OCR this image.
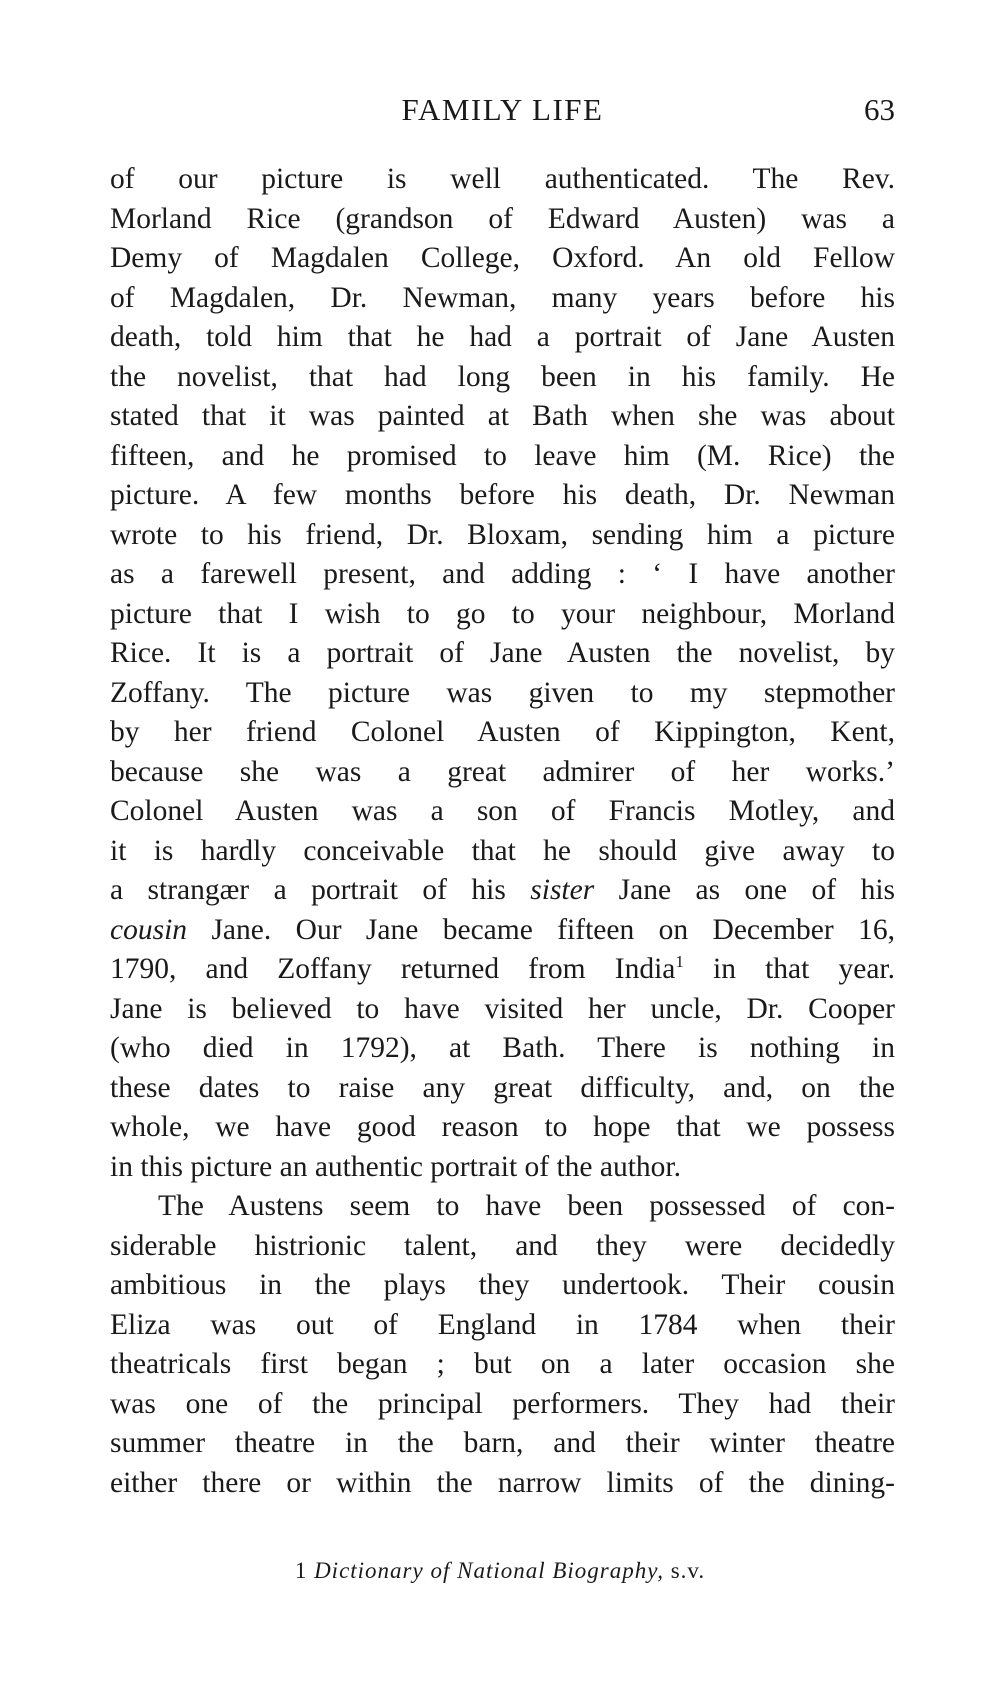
FAMILY LIFE	63
of our picture is well authenticated. The Rev.
Morland Rice (grandson of Edward Austen) was a
Demy of Magdalen College, Oxford. An old Fellow
of Magdalen, Dr. Newman, many years before his
death, told him that he had a portrait of Jane Austen
the novelist, that had long been in his family. He
stated that it was painted at Bath when she was about
fifteen, and he promised to leave him (M. Rice) the
picture. A few months before his death, Dr. Newman
wrote to his friend, Dr. Bloxam, sending him a picture
as a farewell present, and adding : ‘ I have another
picture that I wish to go to your neighbour, Morland
Rice. It is a portrait of Jane Austen the novelist, by
Zoffany. The picture was given to my stepmother
by her friend Colonel Austen of Kippington, Kent,
because she was a great admirer of her works.’
Colonel Austen was a son of Francis Motley, and
it is hardly conceivable that he should give away to
a strangær a portrait of his sister Jane as one of his
cousin Jane. Our Jane became fifteen on December 16,
1790, and Zoffany returned from India$^1$ in that year.
Jane is believed to have visited her uncle, Dr. Cooper
(who died in 1792), at Bath. There is nothing in
these dates to raise any great difficulty, and, on the
whole, we have good reason to hope that we possess
in this picture an authentic portrait of the author.
The Austens seem to have been possessed of con-
siderable histrionic talent, and they were decidedly
ambitious in the plays they undertook. Their cousin
Eliza was out of England in 1784 when their
theatricals first began ; but on a later occasion she
was one of the principal performers. They had their
summer theatre in the barn, and their winter theatre
either there or within the narrow limits of the dining-
1 Dictionary of National Biography, s.v.
